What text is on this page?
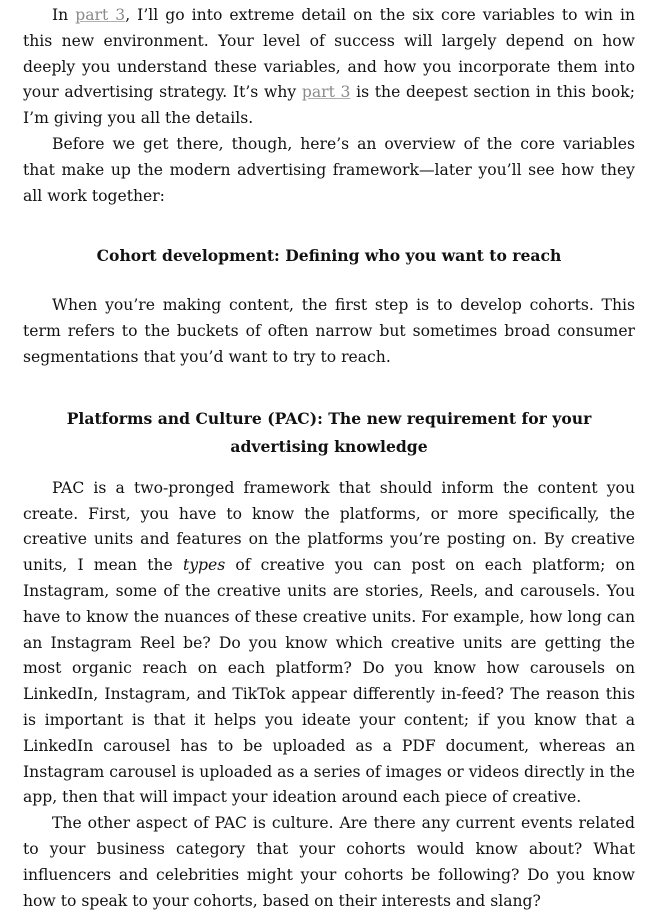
In part 3, I’ll go into extreme detail on the six core variables to win in this new environment. Your level of success will largely depend on how deeply you understand these variables, and how you incorporate them into your advertising strategy. It’s why part 3 is the deepest section in this book; I’m giving you all the details.

Before we get there, though, here’s an overview of the core variables that make up the modern advertising framework—later you’ll see how they all work together:

Cohort development: Defining who you want to reach

When you’re making content, the first step is to develop cohorts. This term refers to the buckets of often narrow but sometimes broad consumer segmentations that you’d want to try to reach.

Platforms and Culture (PAC): The new requirement for your advertising knowledge

PAC is a two-pronged framework that should inform the content you create. First, you have to know the platforms, or more specifically, the creative units and features on the platforms you’re posting on. By creative units, I mean the types of creative you can post on each platform; on Instagram, some of the creative units are stories, Reels, and carousels. You have to know the nuances of these creative units. For example, how long can an Instagram Reel be? Do you know which creative units are getting the most organic reach on each platform? Do you know how carousels on LinkedIn, Instagram, and TikTok appear differently in-feed? The reason this is important is that it helps you ideate your content; if you know that a LinkedIn carousel has to be uploaded as a PDF document, whereas an Instagram carousel is uploaded as a series of images or videos directly in the app, then that will impact your ideation around each piece of creative.

The other aspect of PAC is culture. Are there any current events related to your business category that your cohorts would know about? What influencers and celebrities might your cohorts be following? Do you know how to speak to your cohorts, based on their interests and slang?
